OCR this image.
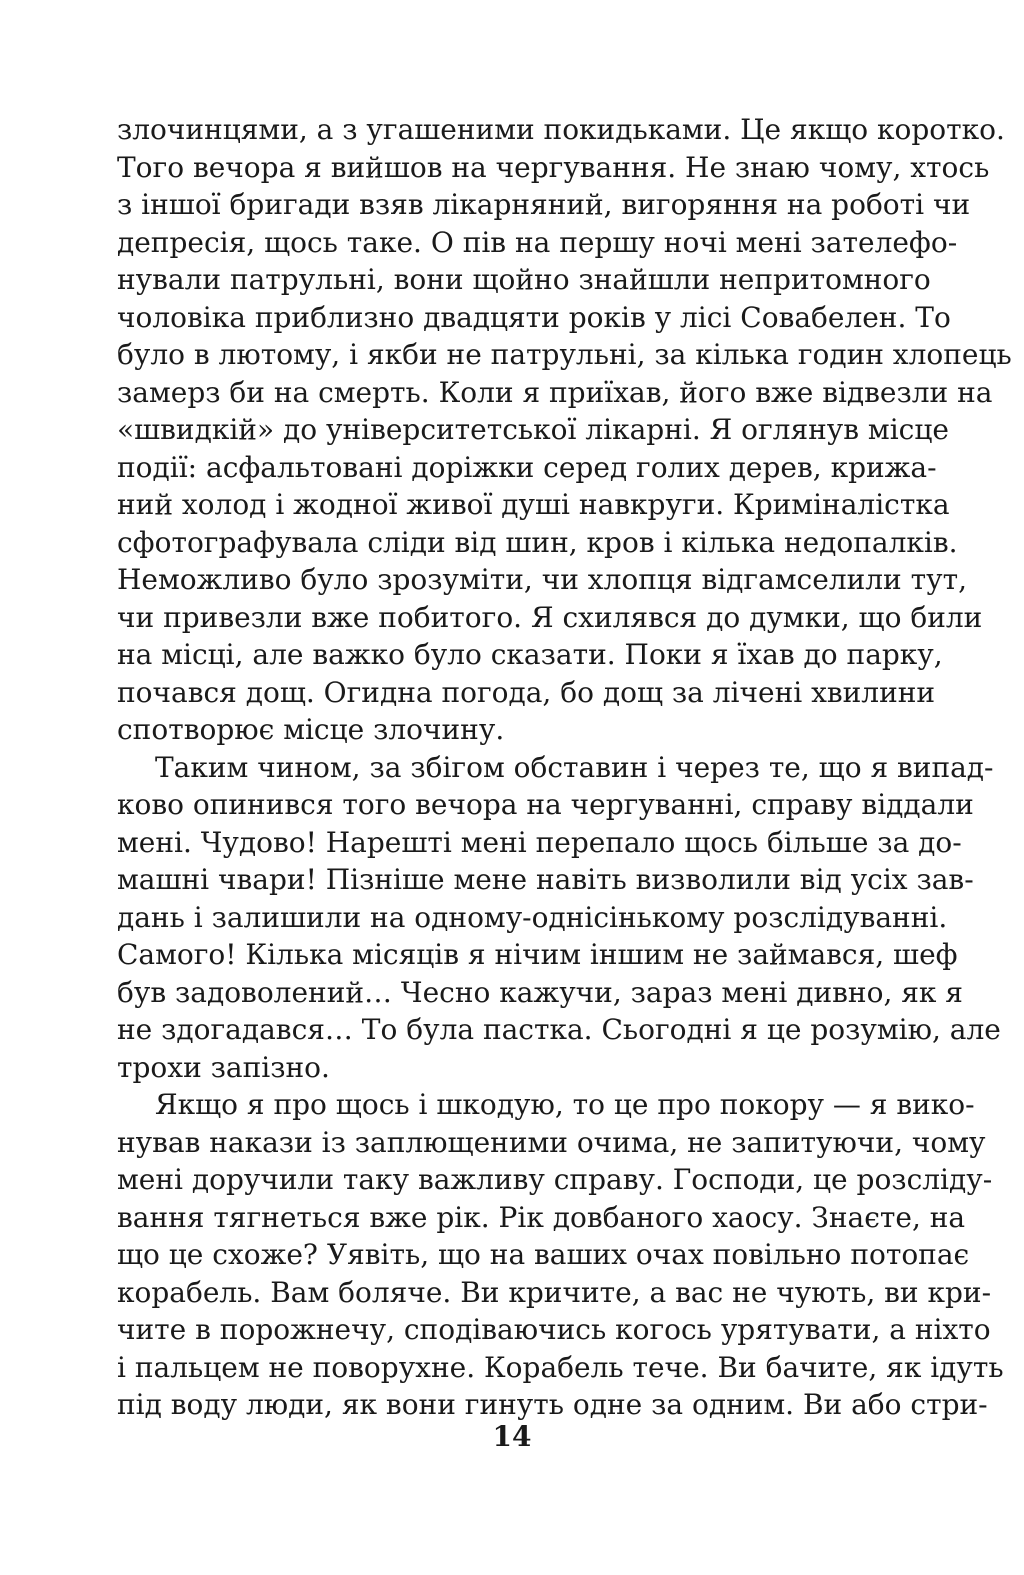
злочинцями, а з угашеними покидьками. Це якщо коротко.
Того вечора я вийшов на чергування. Не знаю чому, хтось
з іншої бригади взяв лікарняний, вигоряння на роботі чи
депресія, щось таке. О пів на першу ночі мені зателефо-
нували патрульні, вони щойно знайшли непритомного
чоловіка приблизно двадцяти років у лісі Совабелен. То
було в лютому, і якби не патрульні, за кілька годин хлопець
замерз би на смерть. Коли я приїхав, його вже відвезли на
«швидкій» до університетської лікарні. Я оглянув місце
події: асфальтовані доріжки серед голих дерев, крижа-
ний холод і жодної живої душі навкруги. Криміналістка
сфотографувала сліди від шин, кров і кілька недопалків.
Неможливо було зрозуміти, чи хлопця відгамселили тут,
чи привезли вже побитого. Я схилявся до думки, що били
на місці, але важко було сказати. Поки я їхав до парку,
почався дощ. Огидна погода, бо дощ за лічені хвилини
спотворює місце злочину.

Таким чином, за збігом обставин і через те, що я випад-
ково опинився того вечора на чергуванні, справу віддали
мені. Чудово! Нарешті мені перепало щось більше за до-
машні чвари! Пізніше мене навіть визволили від усіх зав-
дань і залишили на одному-однісінькому розслідуванні.
Самого! Кілька місяців я нічим іншим не займався, шеф
був задоволений… Чесно кажучи, зараз мені дивно, як я
не здогадався… То була пастка. Сьогодні я це розумію, але
трохи запізно.

Якщо я про щось і шкодую, то це про покору — я вико-
нував накази із заплющеними очима, не запитуючи, чому
мені доручили таку важливу справу. Господи, це розсліду-
вання тягнеться вже рік. Рік довбаного хаосу. Знаєте, на
що це схоже? Уявіть, що на ваших очах повільно потопає
корабель. Вам боляче. Ви кричите, а вас не чують, ви кри-
чите в порожнечу, сподіваючись когось урятувати, а ніхто
і пальцем не поворухне. Корабель тече. Ви бачите, як ідуть
під воду люди, як вони гинуть одне за одним. Ви або стри-

14
